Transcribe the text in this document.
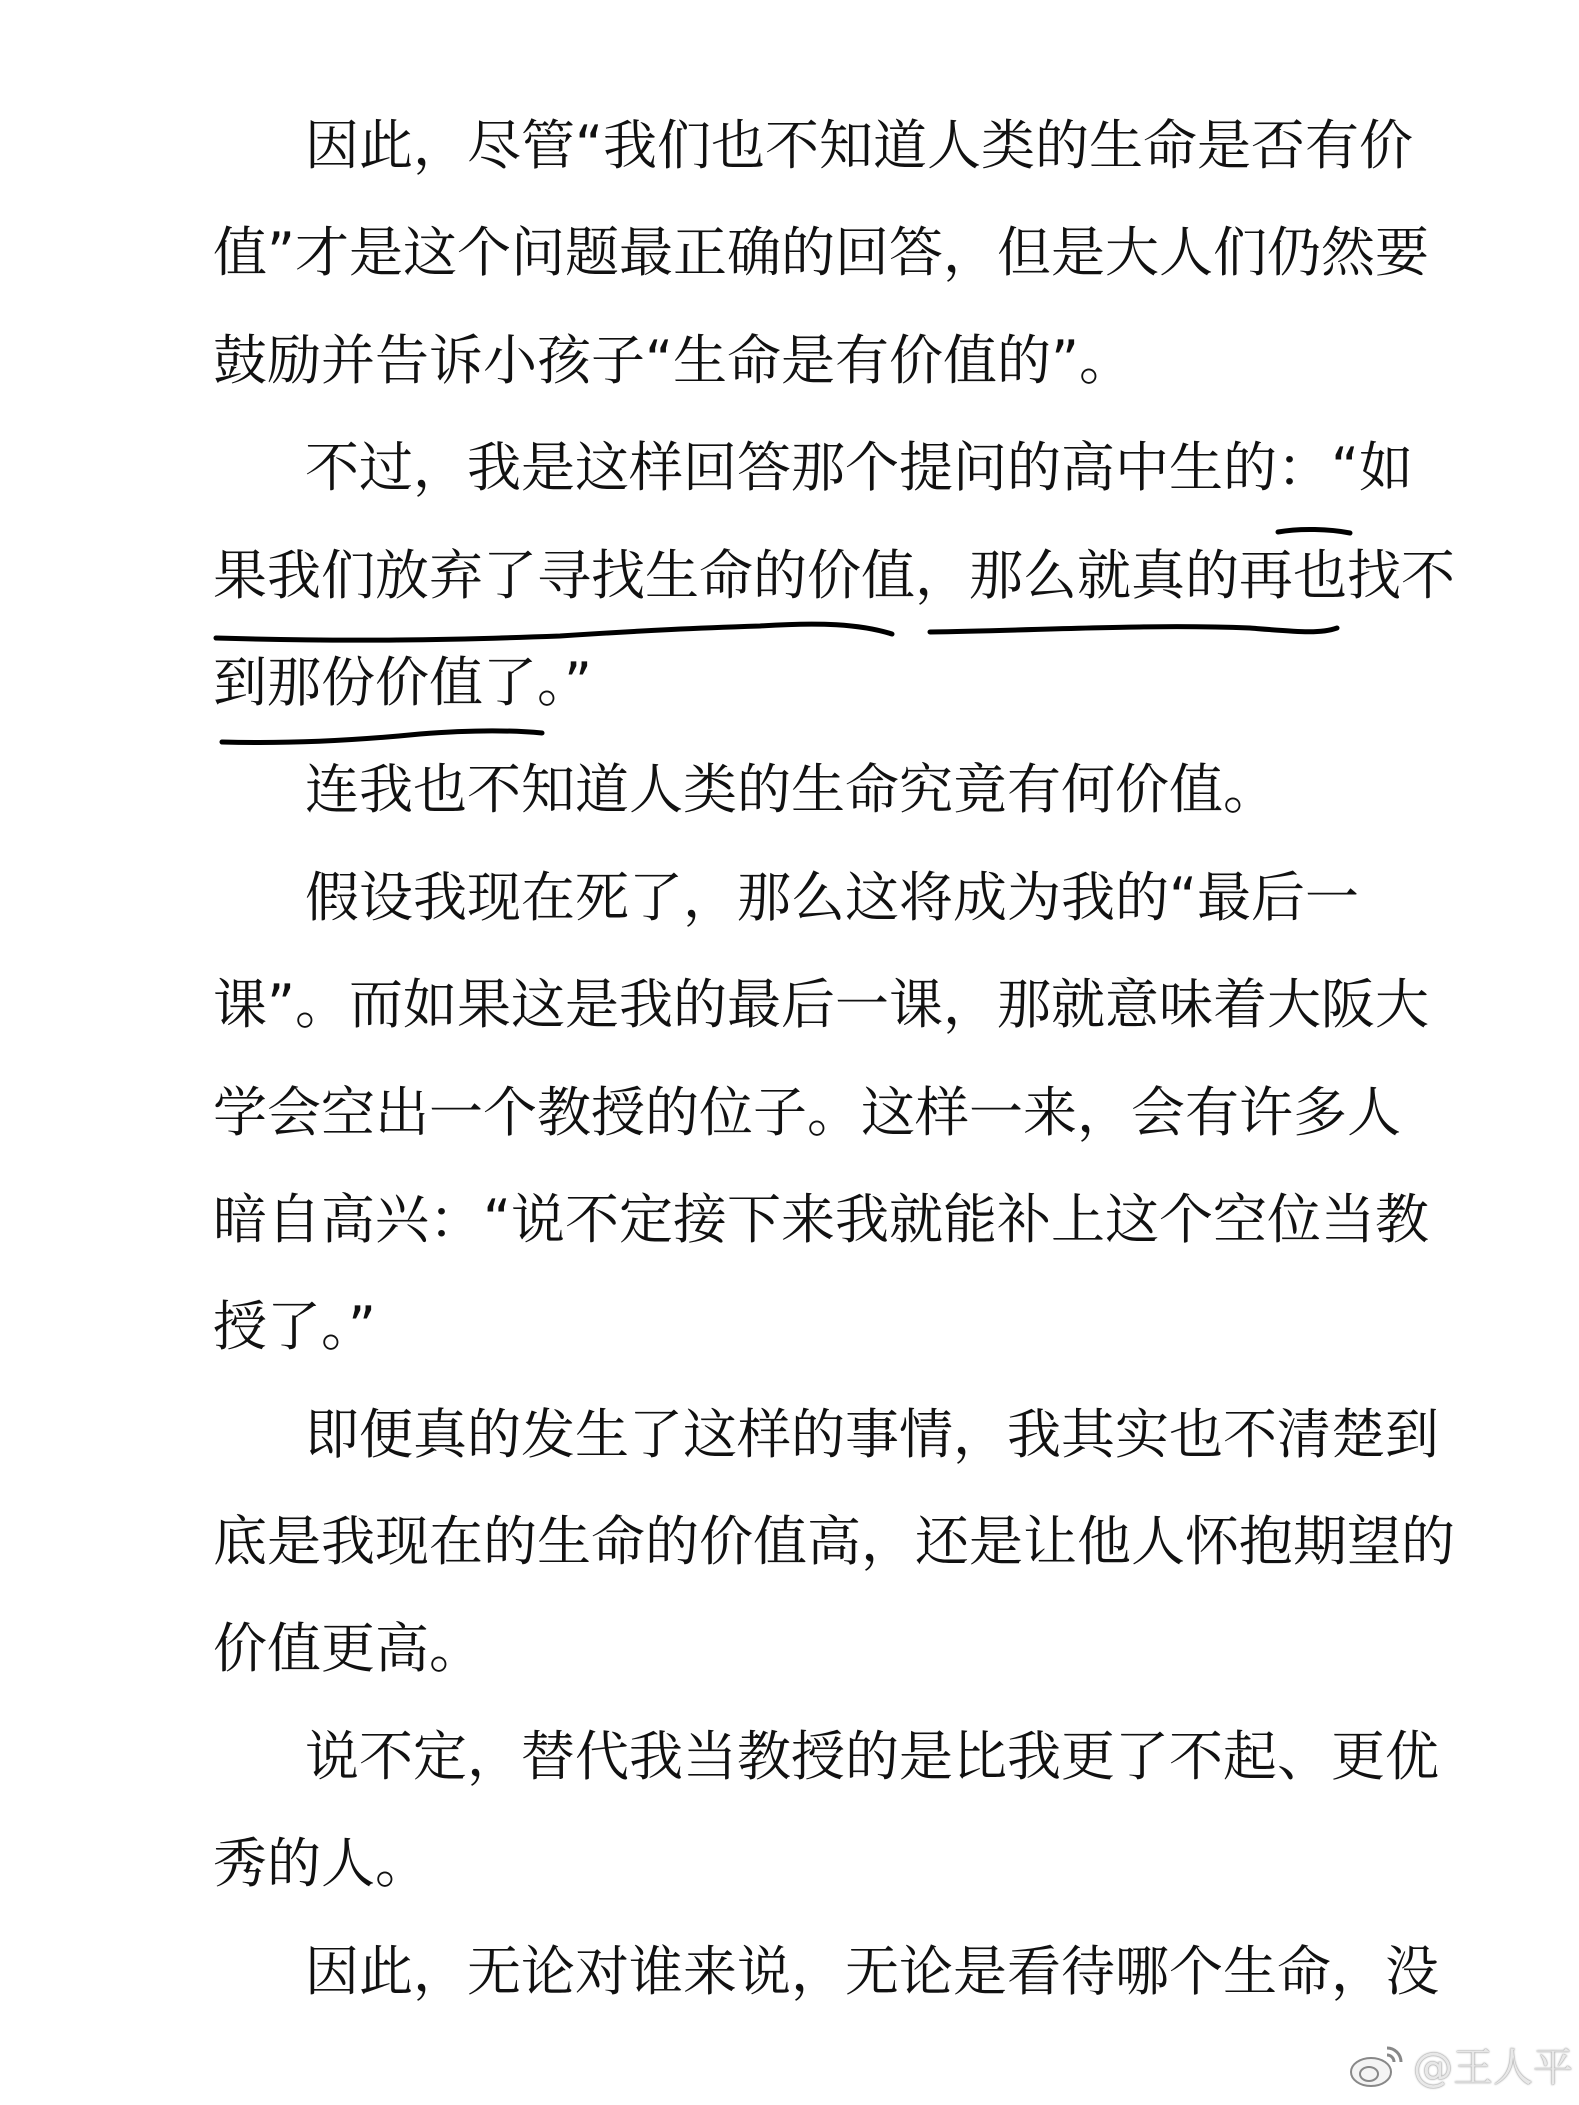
因此，尽管“我们也不知道人类的生命是否有价
值”才是这个问题最正确的回答，但是大人们仍然要
鼓励并告诉小孩子“生命是有价值的”。
不过，我是这样回答那个提问的高中生的：“如
果我们放弃了寻找生命的价值，那么就真的再也找不
到那份价值了。”
连我也不知道人类的生命究竟有何价值。
假设我现在死了，那么这将成为我的“最后一
课”。而如果这是我的最后一课，那就意味着大阪大
学会空出一个教授的位子。这样一来，会有许多人
暗自高兴：“说不定接下来我就能补上这个空位当教
授了。”
即便真的发生了这样的事情，我其实也不清楚到
底是我现在的生命的价值高，还是让他人怀抱期望的
价值更高。
说不定，替代我当教授的是比我更了不起、更优
秀的人。
因此，无论对谁来说，无论是看待哪个生命，没
@王人平
